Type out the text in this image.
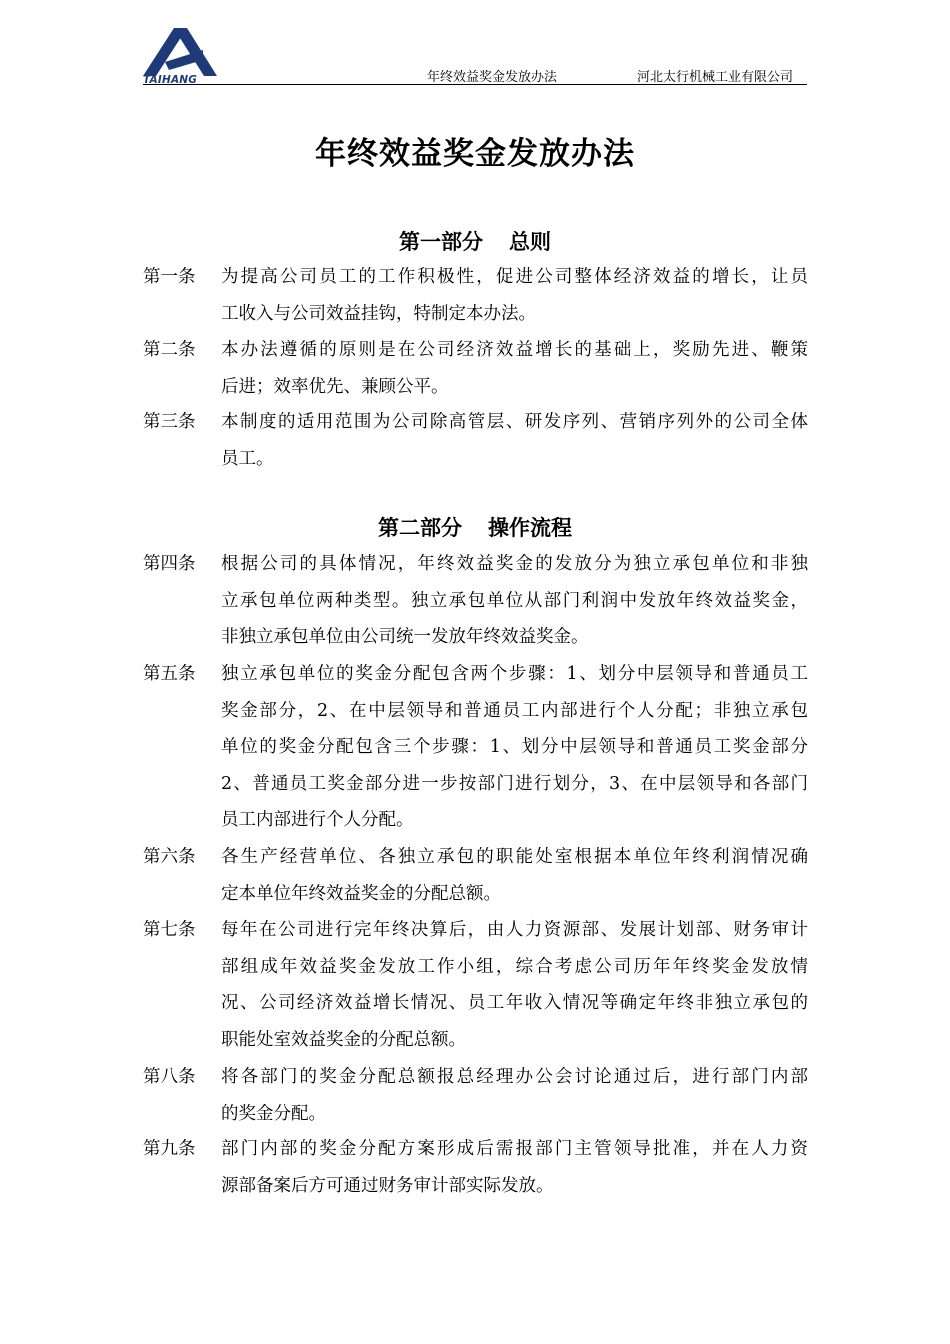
TAIHANG	年终效益奖金发放办法	河北太行机械工业有限公司
年终效益奖金发放办法
第一部分 总则
第一条 为提高公司员工的工作积极性，促进公司整体经济效益的增长，让员
工收入与公司效益挂钩，特制定本办法。
第二条 本办法遵循的原则是在公司经济效益增长的基础上，奖励先进、鞭策
后进；效率优先、兼顾公平。
第三条 本制度的适用范围为公司除高管层、研发序列、营销序列外的公司全体
员工。
第二部分 操作流程
第四条 根据公司的具体情况，年终效益奖金的发放分为独立承包单位和非独
立承包单位两种类型。独立承包单位从部门利润中发放年终效益奖金，
非独立承包单位由公司统一发放年终效益奖金。
第五条 独立承包单位的奖金分配包含两个步骤：1、划分中层领导和普通员工
奖金部分，2、在中层领导和普通员工内部进行个人分配；非独立承包
单位的奖金分配包含三个步骤：1、划分中层领导和普通员工奖金部分
2、普通员工奖金部分进一步按部门进行划分，3、在中层领导和各部门
员工内部进行个人分配。
第六条 各生产经营单位、各独立承包的职能处室根据本单位年终利润情况确
定本单位年终效益奖金的分配总额。
第七条 每年在公司进行完年终决算后，由人力资源部、发展计划部、财务审计
部组成年效益奖金发放工作小组，综合考虑公司历年年终奖金发放情
况、公司经济效益增长情况、员工年收入情况等确定年终非独立承包的
职能处室效益奖金的分配总额。
第八条 将各部门的奖金分配总额报总经理办公会讨论通过后，进行部门内部
的奖金分配。
第九条 部门内部的奖金分配方案形成后需报部门主管领导批准，并在人力资
源部备案后方可通过财务审计部实际发放。
